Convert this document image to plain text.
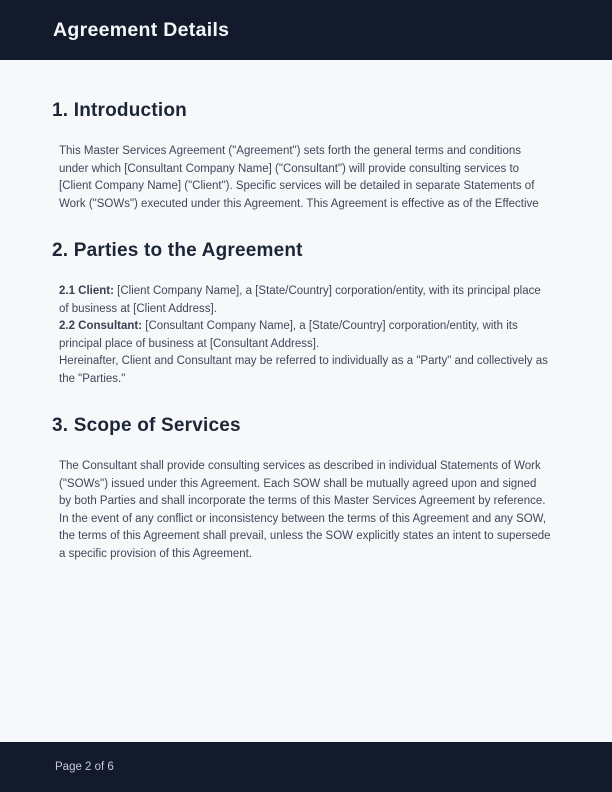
Agreement Details
1. Introduction

This Master Services Agreement ("Agreement") sets forth the general terms and conditions under which [Consultant Company Name] ("Consultant") will provide consulting services to [Client Company Name] ("Client"). Specific services will be detailed in separate Statements of Work ("SOWs") executed under this Agreement. This Agreement is effective as of the Effective

2. Parties to the Agreement

2.1 Client: [Client Company Name], a [State/Country] corporation/entity, with its principal place of business at [Client Address].

2.2 Consultant: [Consultant Company Name], a [State/Country] corporation/entity, with its principal place of business at [Consultant Address].

Hereinafter, Client and Consultant may be referred to individually as a "Party" and collectively as the "Parties."

3. Scope of Services

The Consultant shall provide consulting services as described in individual Statements of Work ("SOWs") issued under this Agreement. Each SOW shall be mutually agreed upon and signed by both Parties and shall incorporate the terms of this Master Services Agreement by reference.

In the event of any conflict or inconsistency between the terms of this Agreement and any SOW, the terms of this Agreement shall prevail, unless the SOW explicitly states an intent to supersede a specific provision of this Agreement.

Page 2 of 6
